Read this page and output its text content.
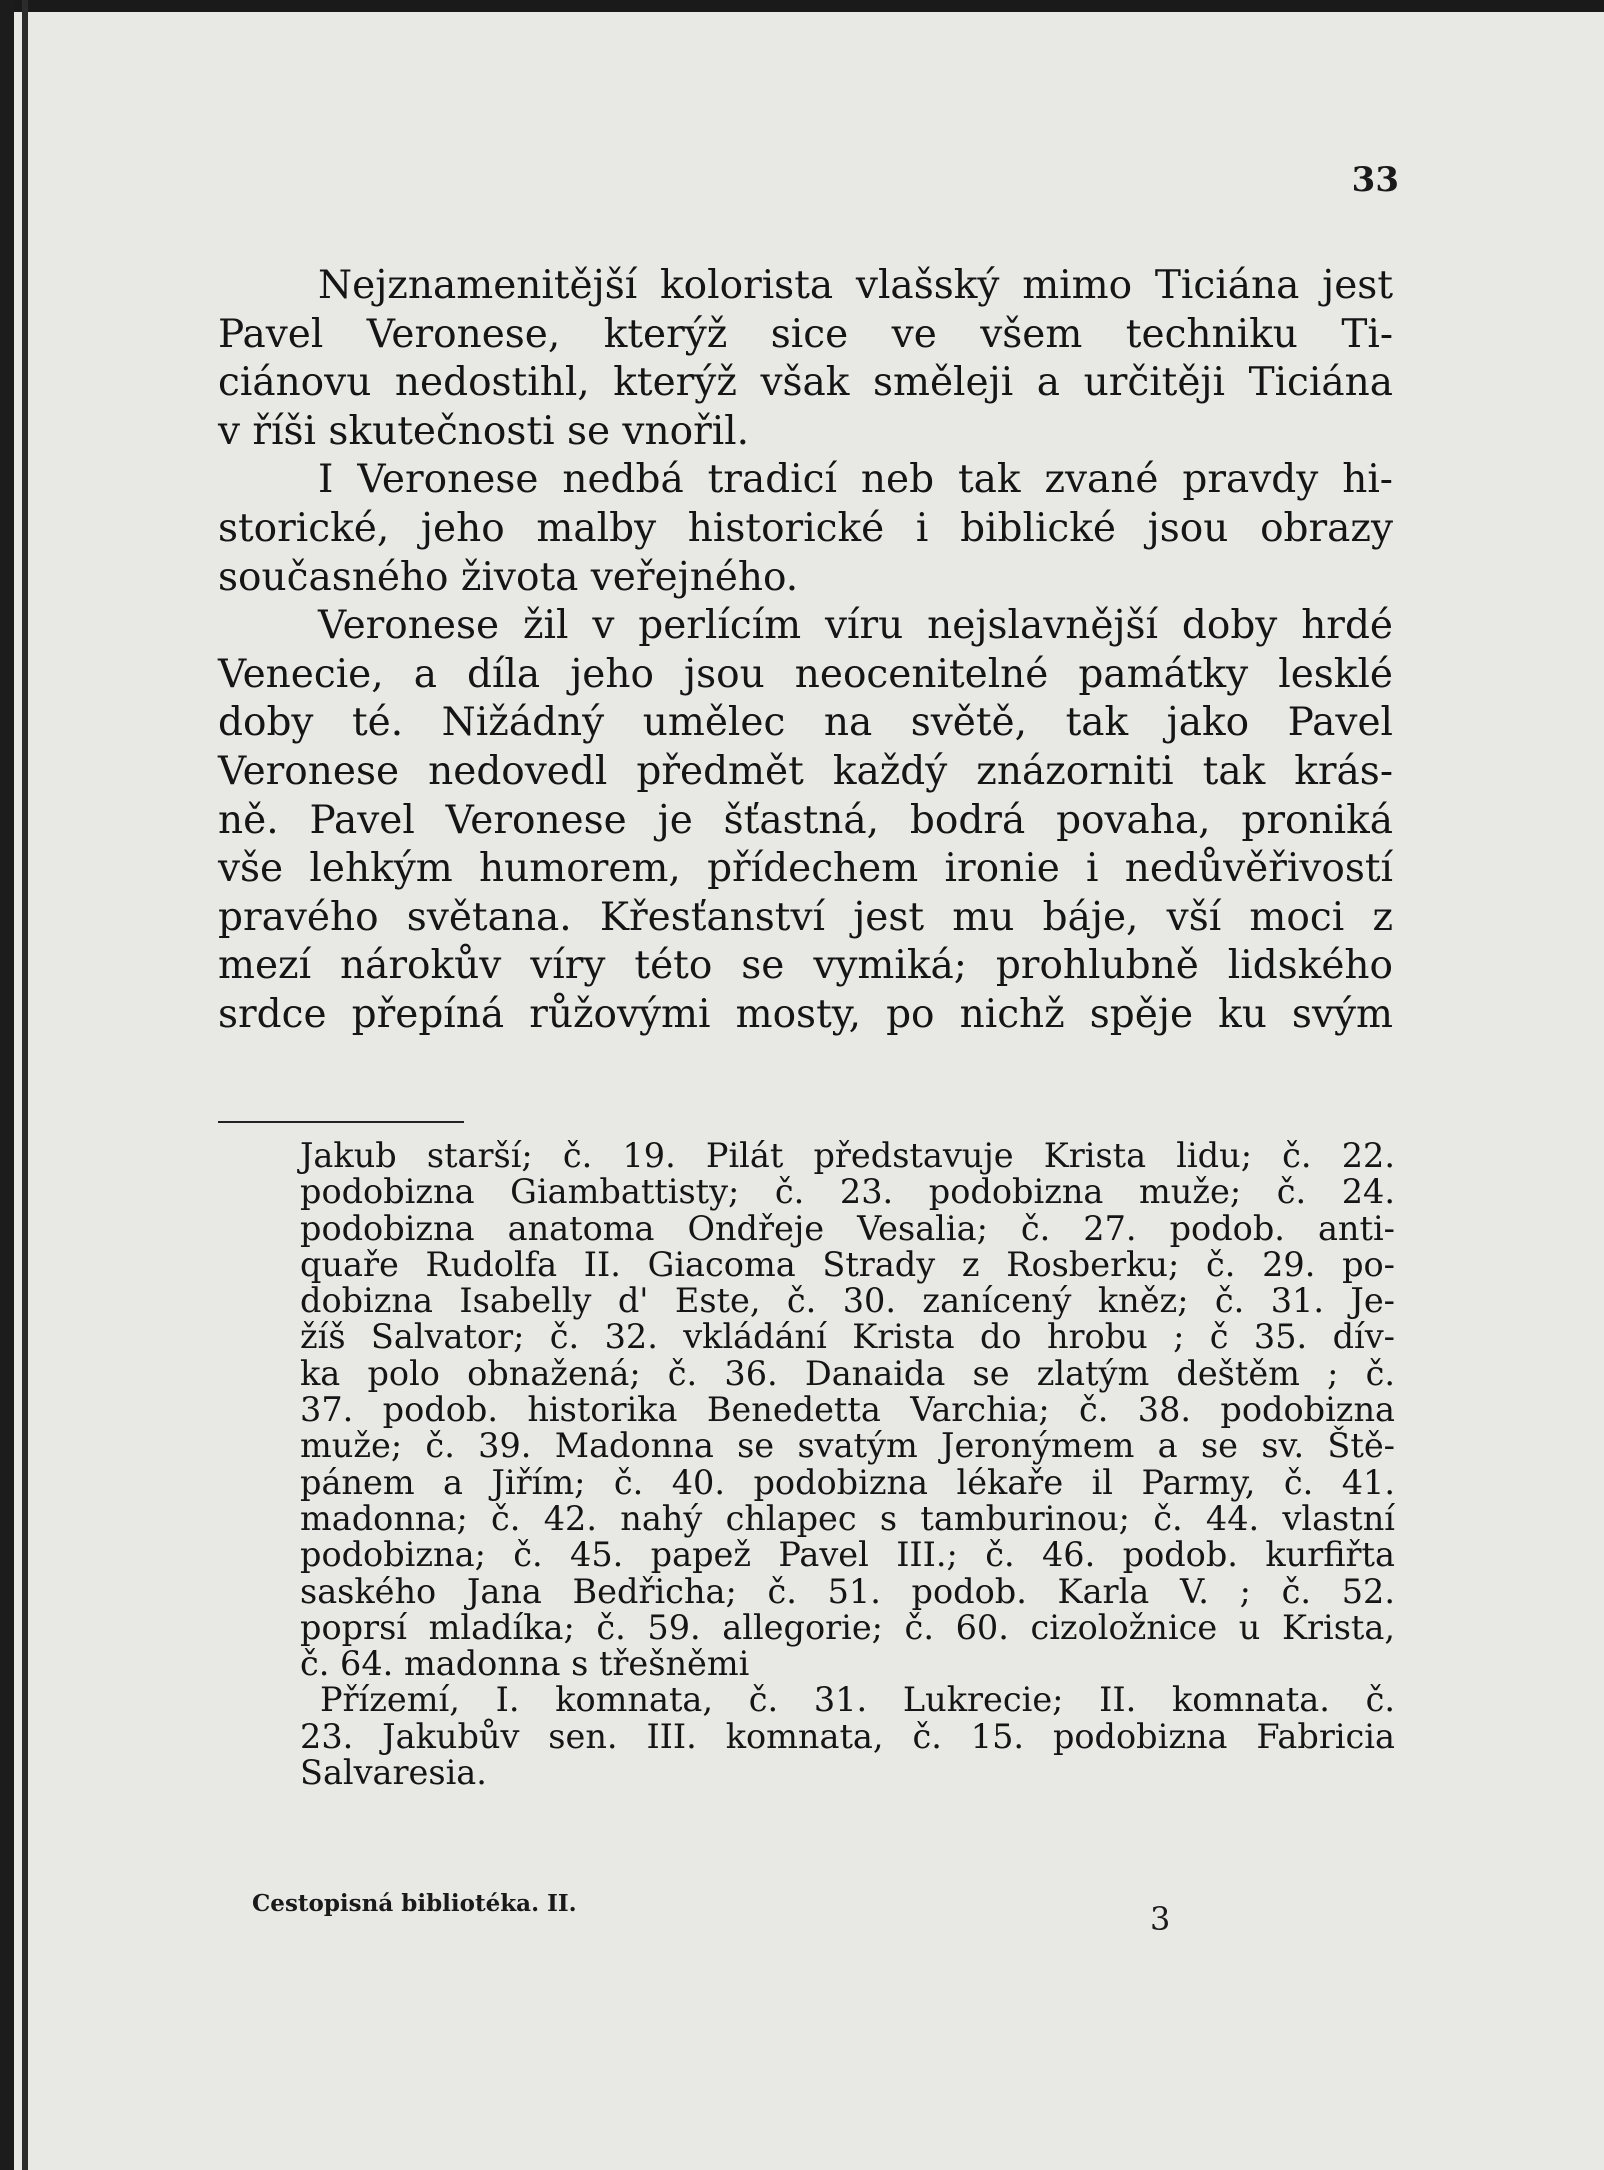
33
Nejznamenitější kolorista vlašský mimo Ticiána jest
Pavel Veronese, kterýž sice ve všem techniku Ti-
ciánovu nedostihl, kterýž však směleji a určitěji Ticiána
v říši skutečnosti se vnořil.
I Veronese nedbá tradicí neb tak zvané pravdy hi-
storické, jeho malby historické i biblické jsou obrazy
současného života veřejného.
Veronese žil v perlícím víru nejslavnější doby hrdé
Venecie, a díla jeho jsou neocenitelné památky lesklé
doby té. Nižádný umělec na světě, tak jako Pavel
Veronese nedovedl předmět každý znázorniti tak krás-
ně. Pavel Veronese je šťastná, bodrá povaha, proniká
vše lehkým humorem, přídechem ironie i nedůvěřivostí
pravého světana. Křesťanství jest mu báje, vší moci z
mezí nárokův víry této se vymiká; prohlubně lidského
srdce přepíná růžovými mosty, po nichž spěje ku svým
Jakub starší; č. 19. Pilát představuje Krista lidu; č. 22.
podobizna Giambattisty; č. 23. podobizna muže; č. 24.
podobizna anatoma Ondřeje Vesalia; č. 27. podob. anti-
quaře Rudolfa II. Giacoma Strady z Rosberku; č. 29. po-
dobizna Isabelly d' Este, č. 30. zanícený kněz; č. 31. Je-
žíš Salvator; č. 32. vkládání Krista do hrobu ; č 35. dív-
ka polo obnažená; č. 36. Danaida se zlatým deštěm ; č.
37. podob. historika Benedetta Varchia; č. 38. podobizna
muže; č. 39. Madonna se svatým Jeronýmem a se sv. Ště-
pánem a Jiřím; č. 40. podobizna lékaře il Parmy, č. 41.
madonna; č. 42. nahý chlapec s tamburinou; č. 44. vlastní
podobizna; č. 45. papež Pavel III.; č. 46. podob. kurfiřta
saského Jana Bedřicha; č. 51. podob. Karla V. ; č. 52.
poprsí mladíka; č. 59. allegorie; č. 60. cizoložnice u Krista,
č. 64. madonna s třešněmi
Přízemí, I. komnata, č. 31. Lukrecie; II. komnata. č.
23. Jakubův sen. III. komnata, č. 15. podobizna Fabricia
Salvaresia.
Cestopisná bibliotéka. II.	3
